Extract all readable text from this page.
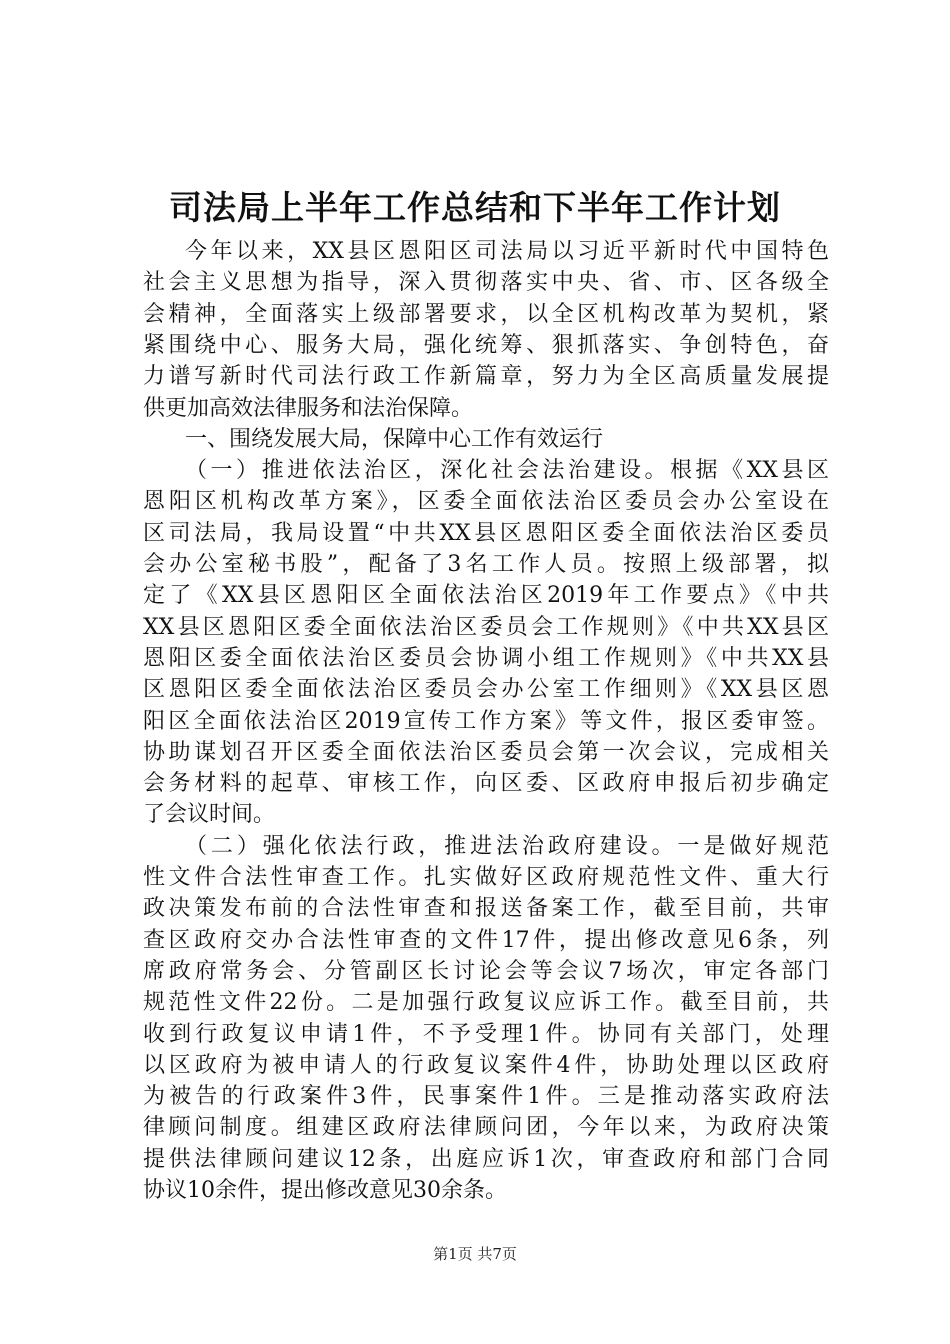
司法局上半年工作总结和下半年工作计划
今年以来，XX县区恩阳区司法局以习近平新时代中国特色
社会主义思想为指导，深入贯彻落实中央、省、市、区各级全
会精神，全面落实上级部署要求，以全区机构改革为契机，紧
紧围绕中心、服务大局，强化统筹、狠抓落实、争创特色，奋
力谱写新时代司法行政工作新篇章，努力为全区高质量发展提
供更加高效法律服务和法治保障。
一、围绕发展大局，保障中心工作有效运行
（一）推进依法治区，深化社会法治建设。根据《XX县区
恩阳区机构改革方案》，区委全面依法治区委员会办公室设在
区司法局，我局设置“中共XX县区恩阳区委全面依法治区委员
会办公室秘书股”，配备了3名工作人员。按照上级部署，拟
定了《XX县区恩阳区全面依法治区2019年工作要点》《中共
XX县区恩阳区委全面依法治区委员会工作规则》《中共XX县区
恩阳区委全面依法治区委员会协调小组工作规则》《中共XX县
区恩阳区委全面依法治区委员会办公室工作细则》《XX县区恩
阳区全面依法治区2019宣传工作方案》等文件，报区委审签。
协助谋划召开区委全面依法治区委员会第一次会议，完成相关
会务材料的起草、审核工作，向区委、区政府申报后初步确定
了会议时间。
（二）强化依法行政，推进法治政府建设。一是做好规范
性文件合法性审查工作。扎实做好区政府规范性文件、重大行
政决策发布前的合法性审查和报送备案工作，截至目前，共审
查区政府交办合法性审查的文件17件，提出修改意见6条，列
席政府常务会、分管副区长讨论会等会议7场次，审定各部门
规范性文件22份。二是加强行政复议应诉工作。截至目前，共
收到行政复议申请1件，不予受理1件。协同有关部门，处理
以区政府为被申请人的行政复议案件4件，协助处理以区政府
为被告的行政案件3件，民事案件1件。三是推动落实政府法
律顾问制度。组建区政府法律顾问团，今年以来，为政府决策
提供法律顾问建议12条，出庭应诉1次，审查政府和部门合同
协议10余件，提出修改意见30余条。
第1页 共7页
